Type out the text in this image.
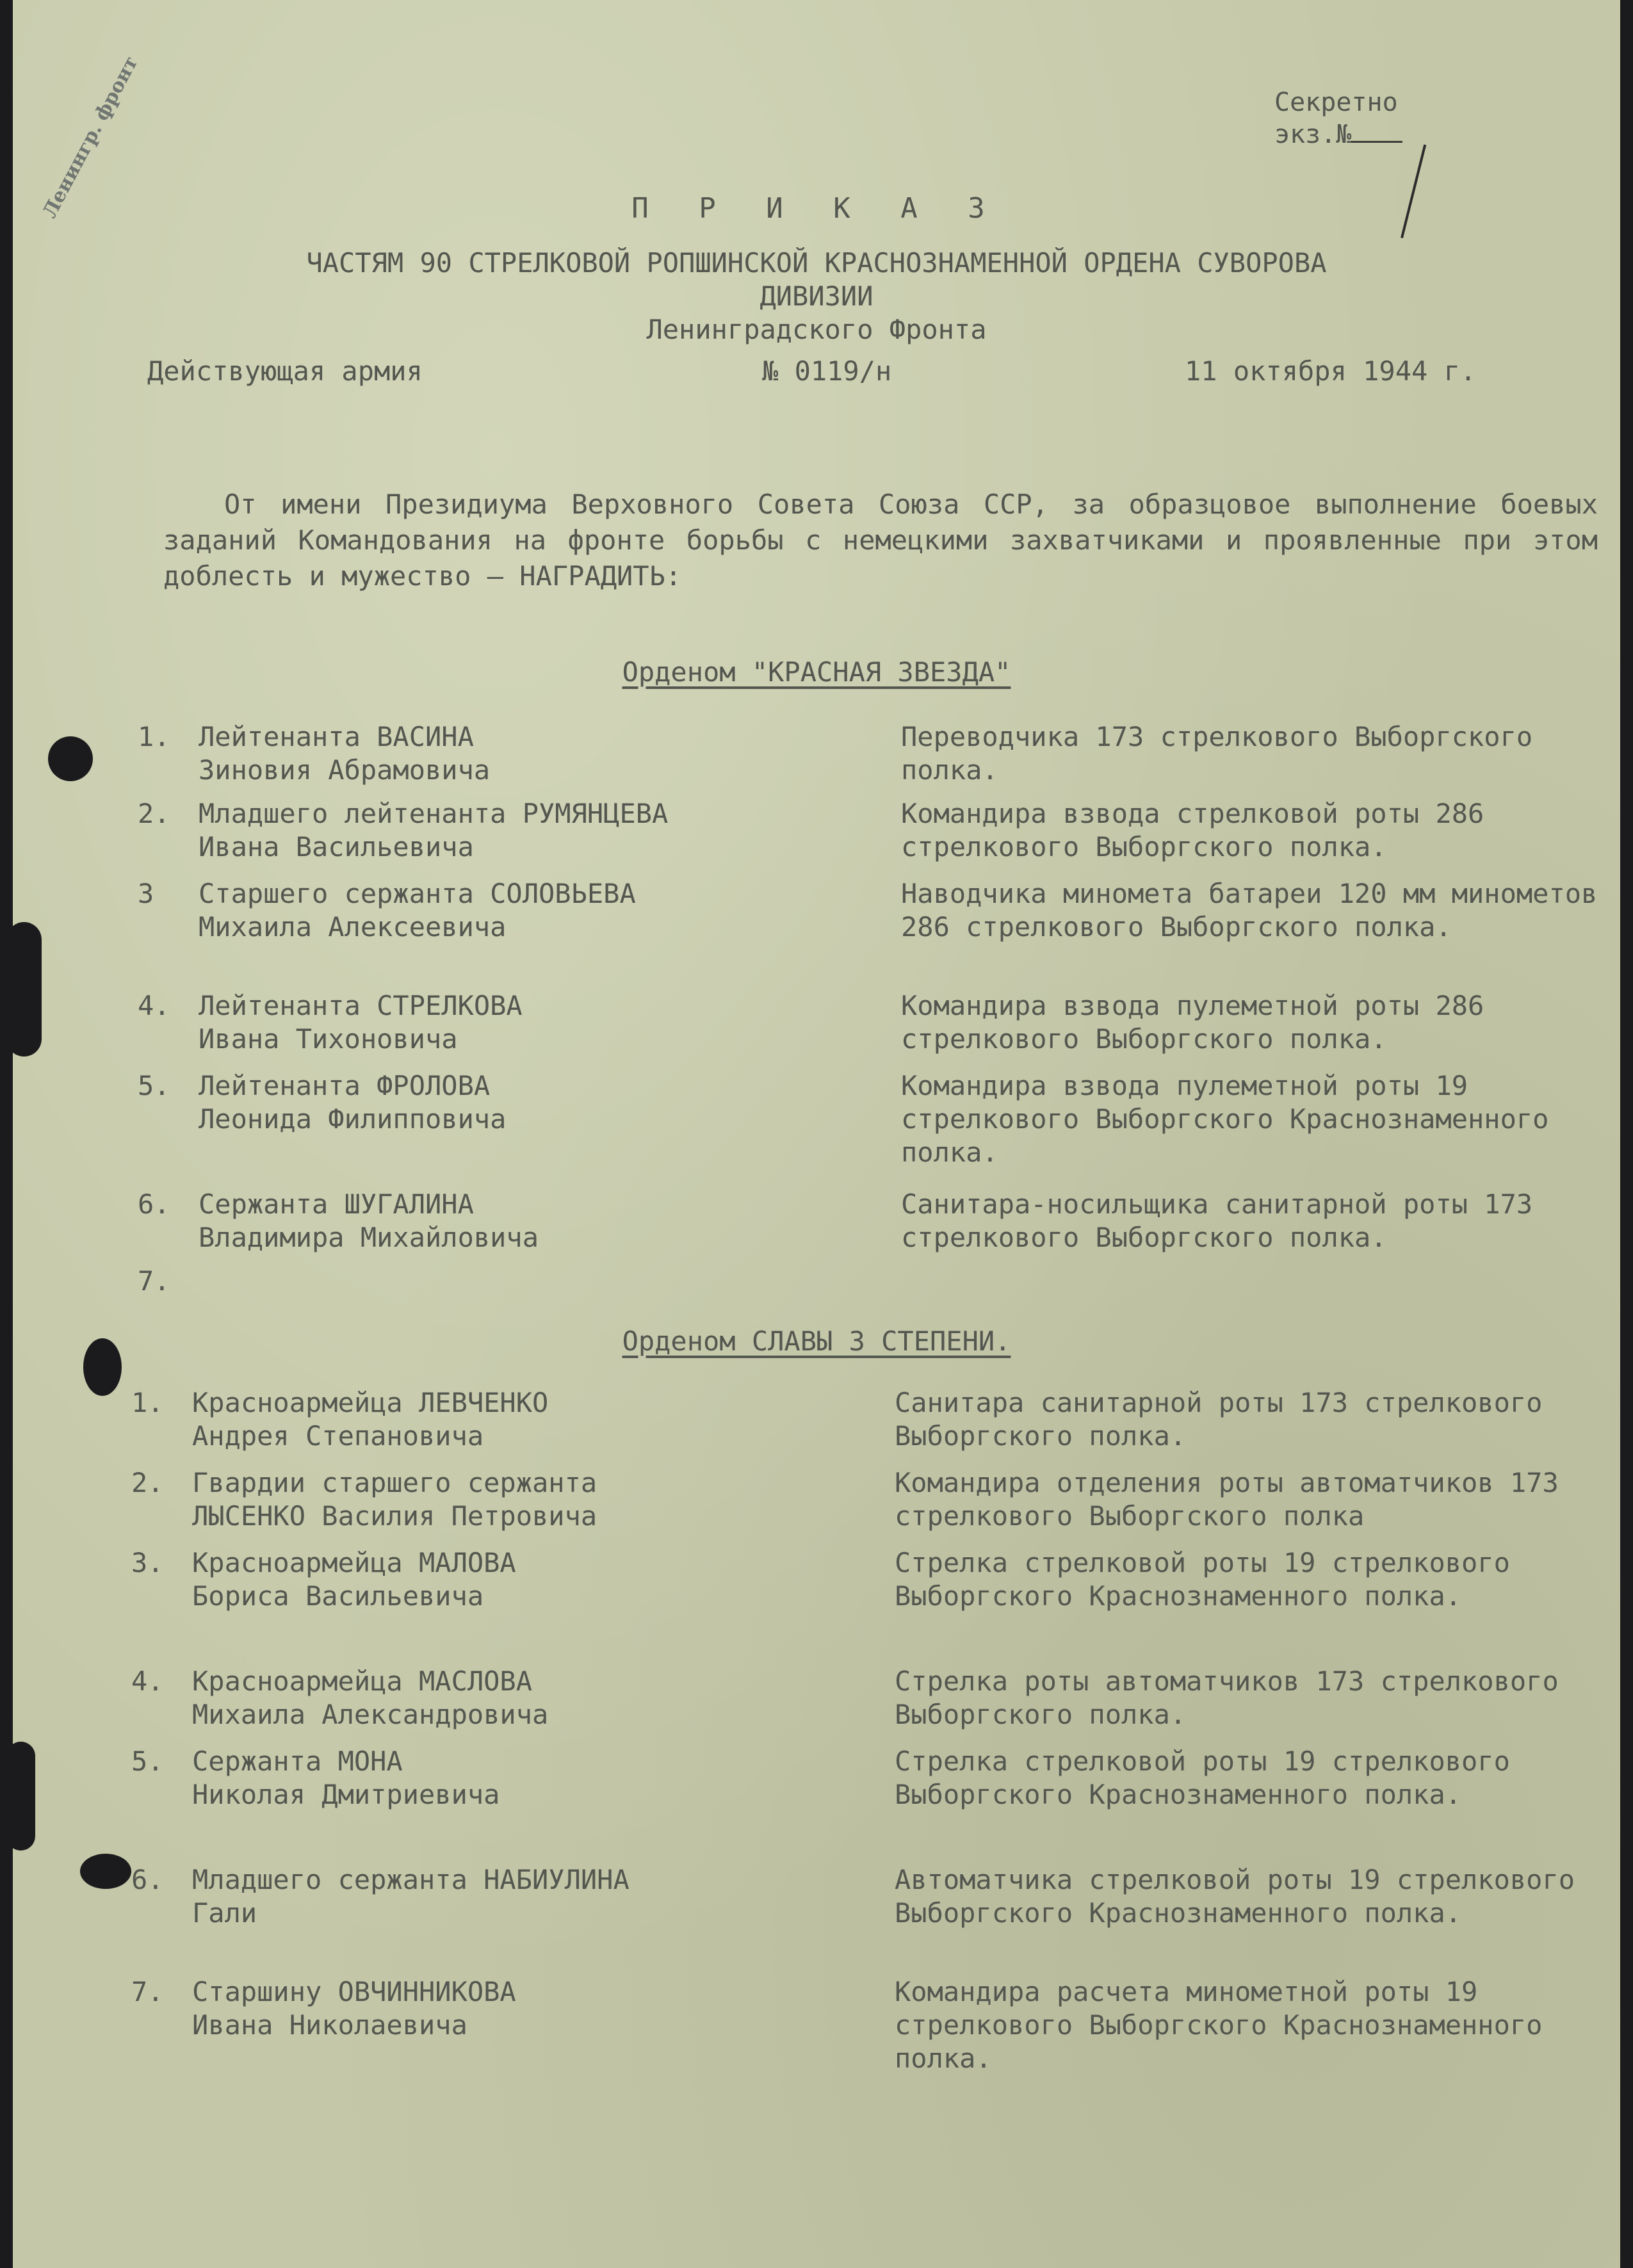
Ленингр. фронт	Секретно
экз.№
П Р И К А З
ЧАСТЯМ 90 СТРЕЛКОВОЙ РОПШИНСКОЙ КРАСНОЗНАМЕННОЙ ОРДЕНА СУВОРОВА
ДИВИЗИИ
Ленинградского Фронта
Действующая армия	№ 0119/н	11 октября 1944 г.
От имени Президиума Верховного Совета Союза ССР, за образцовое выполнение боевых заданий Командования на фронте борьбы с немецкими захватчиками и проявленные при этом доблесть и мужество – НАГРАДИТЬ:
Орденом "КРАСНАЯ ЗВЕЗДА"
1.	Лейтенанта ВАСИНА
Зиновия Абрамовича
Переводчика 173 стрелкового Выборгского полка.
2.	Младшего лейтенанта РУМЯНЦЕВА
Ивана Васильевича
Командира взвода стрелковой роты 286 стрелкового Выборгского полка.
3	Старшего сержанта СОЛОВЬЕВА
Михаила Алексеевича
Наводчика миномета батареи 120 мм минометов 286 стрелкового Выборгского полка.
4.	Лейтенанта СТРЕЛКОВА
Ивана Тихоновича
Командира взвода пулеметной роты 286 стрелкового Выборгского полка.
5.	Лейтенанта ФРОЛОВА
Леонида Филипповича
Командира взвода пулеметной роты 19 стрелкового Выборгского Краснознаменного полка.
6.	Сержанта ШУГАЛИНА
Владимира Михайловича
Санитара-носильщика санитарной роты 173 стрелкового Выборгского полка.
7.
Орденом СЛАВЫ 3 СТЕПЕНИ.
1.	Красноармейца ЛЕВЧЕНКО
Андрея Степановича
Санитара санитарной роты 173 стрелкового Выборгского полка.
2.	Гвардии старшего сержанта
ЛЫСЕНКО Василия Петровича
Командира отделения роты автоматчиков 173 стрелкового Выборгского полка
3.	Красноармейца МАЛОВА
Бориса Васильевича
Стрелка стрелковой роты 19 стрелкового Выборгского Краснознаменного полка.
4.	Красноармейца МАСЛОВА
Михаила Александровича
Стрелка роты автоматчиков 173 стрелкового Выборгского полка.
5.	Сержанта МОНА
Николая Дмитриевича
Стрелка стрелковой роты 19 стрелкового Выборгского Краснознаменного полка.
6.	Младшего сержанта НАБИУЛИНА
Гали
Автоматчика стрелковой роты 19 стрелкового Выборгского Краснознаменного полка.
7.	Старшину ОВЧИННИКОВА
Ивана Николаевича
Командира расчета минометной роты 19 стрелкового Выборгского Краснознаменного полка.
